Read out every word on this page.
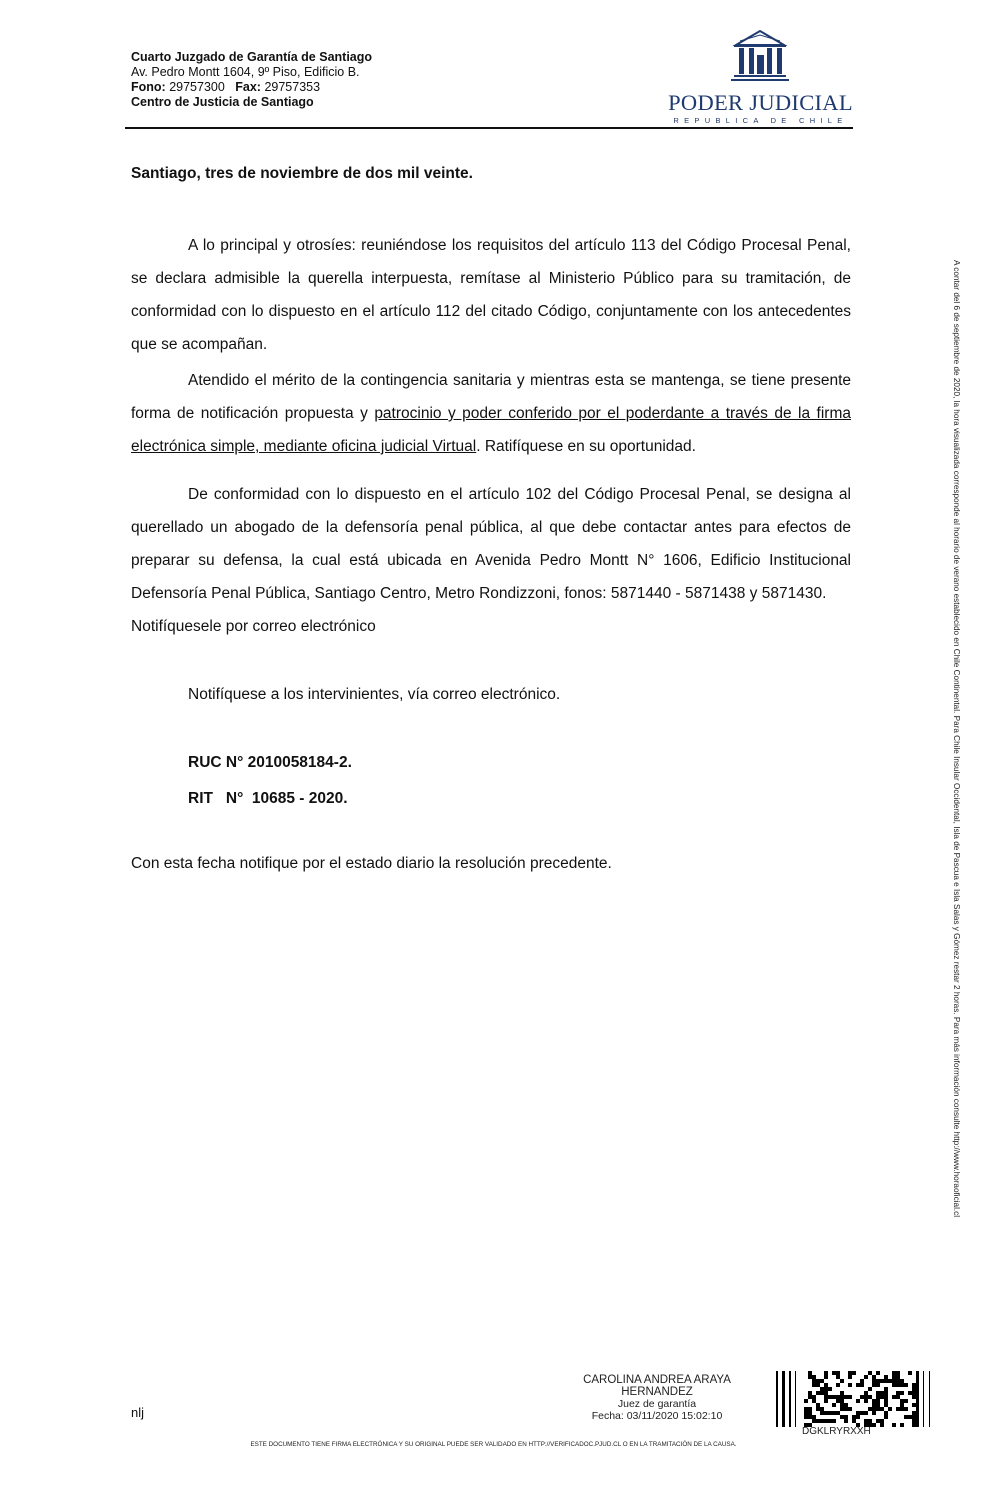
Cuarto Juzgado de Garantía de Santiago
Av. Pedro Montt 1604, 9º Piso, Edificio B.
Fono: 29757300 Fax: 29757353
Centro de Justicia de Santiago	PODER JUDICIAL
REPUBLICA DE CHILE
Santiago, tres de noviembre de dos mil veinte.

A lo principal y otrosíes: reuniéndose los requisitos del artículo 113 del Código Procesal Penal, se declara admisible la querella interpuesta, remítase al Ministerio Público para su tramitación, de conformidad con lo dispuesto en el artículo 112 del citado Código, conjuntamente con los antecedentes que se acompañan.

Atendido el mérito de la contingencia sanitaria y mientras esta se mantenga, se tiene presente forma de notificación propuesta y patrocinio y poder conferido por el poderdante a través de la firma electrónica simple, mediante oficina judicial Virtual. Ratifíquese en su oportunidad.

De conformidad con lo dispuesto en el artículo 102 del Código Procesal Penal, se designa al querellado un abogado de la defensoría penal pública, al que debe contactar antes para efectos de preparar su defensa, la cual está ubicada en Avenida Pedro Montt N° 1606, Edificio Institucional Defensoría Penal Pública, Santiago Centro, Metro Rondizzoni, fonos: 5871440 - 5871438 y 5871430.
Notifíquesele por correo electrónico

Notifíquese a los intervinientes, vía correo electrónico.
RUC N° 2010058184-2.
RIT   N°  10685 - 2020.
Con esta fecha notifique por el estado diario la resolución precedente.	A contar del 6 de septiembre de 2020, la hora visualizada corresponde al horario de verano establecido en Chile Continental. Para Chile Insular Occidental, Isla de Pascua e Isla Salas y Gómez restar 2 horas. Para más información consulte http://www.horaoficial.cl
nlj
CAROLINA ANDREA ARAYA
HERNANDEZ
Juez de garantía
Fecha: 03/11/2020 15:02:10
DGKLRYRXXH
ESTE DOCUMENTO TIENE FIRMA ELECTRÓNICA Y SU ORIGINAL PUEDE SER VALIDADO EN HTTP://VERIFICADOC.PJUD.CL O EN LA TRAMITACIÓN DE LA CAUSA.
